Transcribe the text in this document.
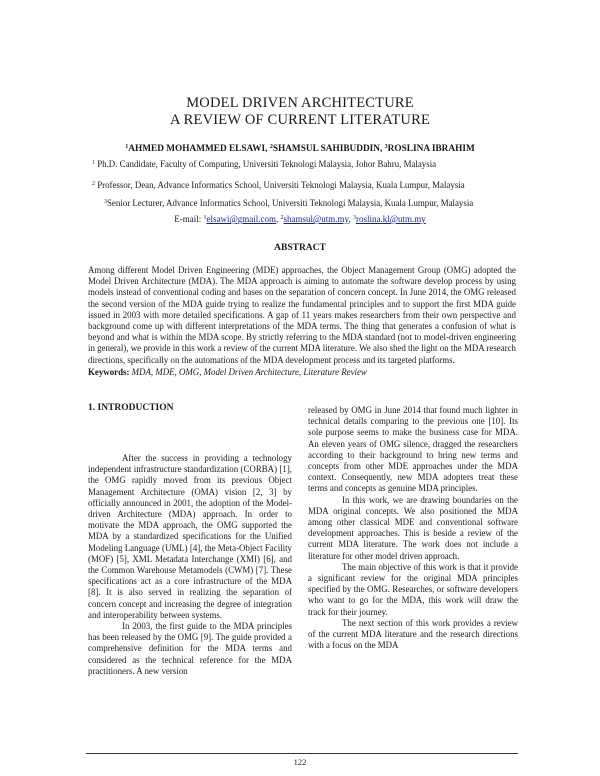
MODEL DRIVEN ARCHITECTURE
A REVIEW OF CURRENT LITERATURE
$^1$AHMED MOHAMMED ELSAWI, $^2$SHAMSUL SAHIBUDDIN, $^3$ROSLINA IBRAHIM
$^1$ Ph.D. Candidate, Faculty of Computing, Universiti Teknologi Malaysia, Johor Bahru, Malaysia
$^2$ Professor, Dean, Advance Informatics School, Universiti Teknologi Malaysia, Kuala Lumpur, Malaysia
$^3$Senior Lecturer, Advance Informatics School, Universiti Teknologi Malaysia, Kuala Lumpur, Malaysia
E-mail: $^1$elsawi@gmail.com, $^2$shamsul@utm.my, $^3$roslina.kl@utm.my
ABSTRACT

Among different Model Driven Engineering (MDE) approaches, the Object Management Group (OMG) adopted the Model Driven Architecture (MDA). The MDA approach is aiming to automate the software develop process by using models instead of conventional coding and bases on the separation of concern concept. In June 2014, the OMG released the second version of the MDA guide trying to realize the fundamental principles and to support the first MDA guide issued in 2003 with more detailed specifications. A gap of 11 years makes researchers from their own perspective and background come up with different interpretations of the MDA terms. The thing that generates a confusion of what is beyond and what is within the MDA scope. By strictly referring to the MDA standard (not to model-driven engineering in general), we provide in this work a review of the current MDA literature. We also shed the light on the MDA research directions, specifically on the automations of the MDA development process and its targeted platforms.

Keywords: MDA, MDE, OMG, Model Driven Architecture, Literature Review
1. INTRODUCTION

After the success in providing a technology independent infrastructure standardization (CORBA) [1], the OMG rapidly moved from its previous Object Management Architecture (OMA) vision [2, 3] by officially announced in 2001, the adoption of the Model-driven Architecture (MDA) approach. In order to motivate the MDA approach, the OMG supported the MDA by a standardized specifications for the Unified Modeling Language (UML) [4], the Meta-Object Facility (MOF) [5], XML Metadata Interchange (XMI) [6], and the Common Warehouse Metamodels (CWM) [7]. These specifications act as a core infrastructure of the MDA [8]. It is also served in realizing the separation of concern concept and increasing the degree of integration and interoperability between systems.

In 2003, the first guide to the MDA principles has been released by the OMG [9]. The guide provided a comprehensive definition for the MDA terms and considered as the technical reference for the MDA practitioners. A new version

released by OMG in June 2014 that found much lighter in technical details comparing to the previous one [10]. Its sole purpose seems to make the business case for MDA. An eleven years of OMG silence, dragged the researchers according to their background to bring new terms and concepts from other MDE approaches under the MDA context. Consequently, new MDA adopters treat these terms and concepts as genuine MDA principles.

In this work, we are drawing boundaries on the MDA original concepts. We also positioned the MDA among other classical MDE and conventional software development approaches. This is beside a review of the current MDA literature. The work does not include a literature for other model driven approach.

The main objective of this work is that it provide a significant review for the original MDA principles specified by the OMG. Researches, or software developers who want to go for the MDA, this work will draw the track for their journey.

The next section of this work provides a review of the current MDA literature and the research directions with a focus on the MDA

122
